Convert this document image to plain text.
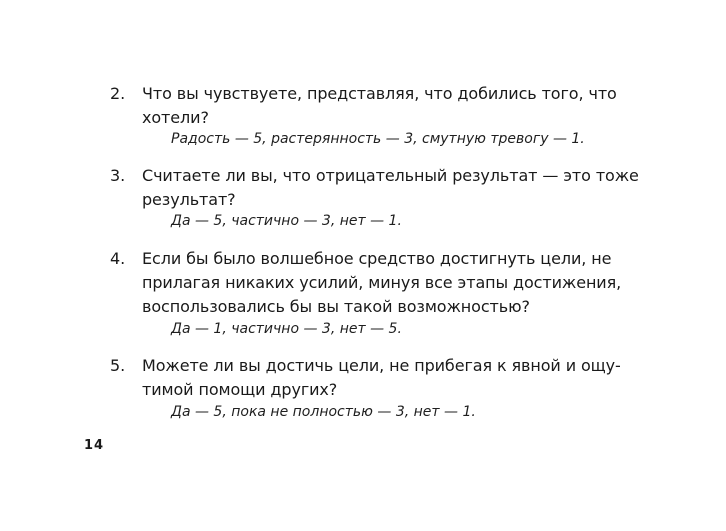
2.	Что вы чувствуете, представляя, что добились того, что
хотели?
Радость — 5, растерянность — 3, смутную тревогу — 1.
3.	Считаете ли вы, что отрицательный результат — это тоже
результат?
Да — 5, частично — 3, нет — 1.
4.	Если бы было волшебное средство достигнуть цели, не
прилагая никаких усилий, минуя все этапы достижения,
воспользовались бы вы такой возможностью?
Да — 1, частично — 3, нет — 5.
5.	Можете ли вы достичь цели, не прибегая к явной и ощу-
тимой помощи других?
Да — 5, пока не полностью — 3, нет — 1.
14
